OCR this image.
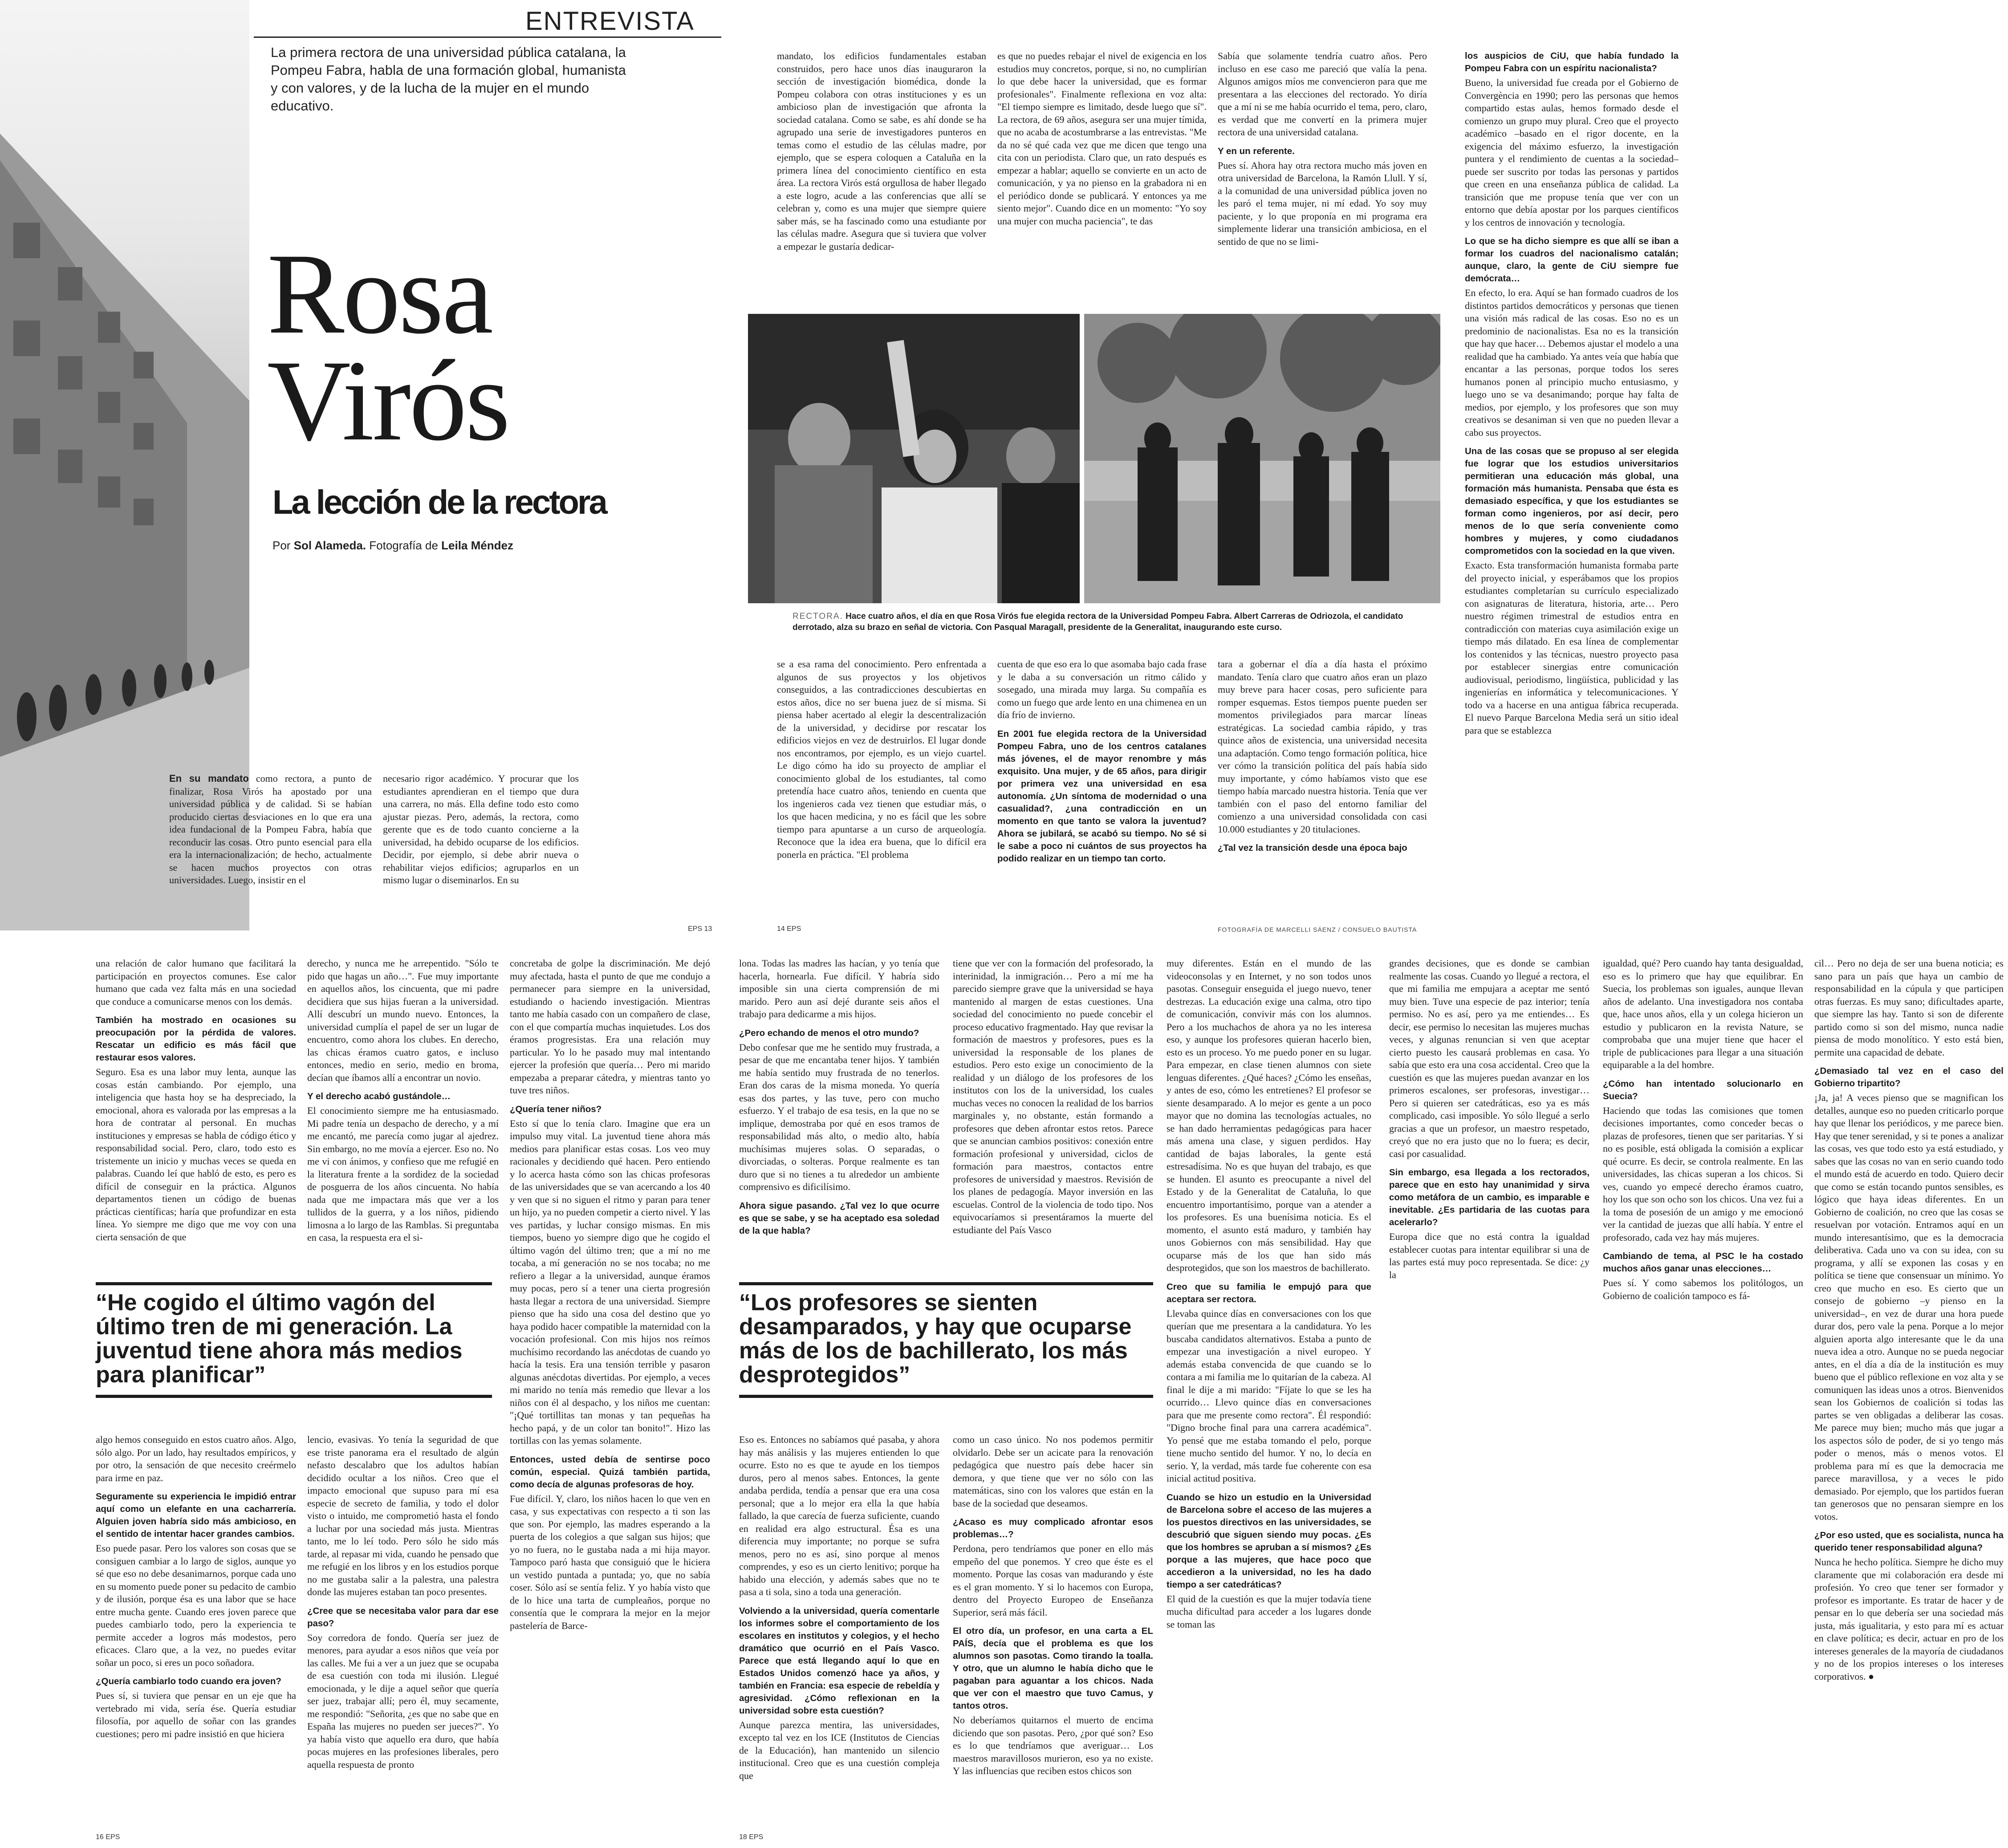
ENTREVISTA
La primera rectora de una universidad pública catalana, la Pompeu Fabra, habla de una formación global, humanista y con valores, y de la lucha de la mujer en el mundo educativo.
Rosa
Virós
La lección de la rectora
Por Sol Alameda. Fotografía de Leila Méndez

En su mandato como rectora, a punto de finalizar, Rosa Virós ha apostado por una universidad pública y de calidad. Si se habían producido ciertas desviaciones en lo que era una idea fundacional de la Pompeu Fabra, había que reconducir las cosas. Otro punto esencial para ella era la internacionalización; de hecho, actualmente se hacen muchos proyectos con otras universidades. Luego, insistir en el

necesario rigor académico. Y procurar que los estudiantes aprendieran en el tiempo que dura una carrera, no más. Ella define todo esto como ajustar piezas. Pero, además, la rectora, como gerente que es de todo cuanto concierne a la universidad, ha debido ocuparse de los edificios. Decidir, por ejemplo, si debe abrir nueva o rehabilitar viejos edificios; agruparlos en un mismo lugar o diseminarlos. En su

EPS 13

mandato, los edificios fundamentales estaban construidos, pero hace unos días inauguraron la sección de investigación biomédica, donde la Pompeu colabora con otras instituciones y es un ambicioso plan de investigación que afronta la sociedad catalana. Como se sabe, es ahí donde se ha agrupado una serie de investigadores punteros en temas como el estudio de las células madre, por ejemplo, que se espera coloquen a Cataluña en la primera línea del conocimiento científico en esta área. La rectora Virós está orgullosa de haber llegado a este logro, acude a las conferencias que allí se celebran y, como es una mujer que siempre quiere saber más, se ha fascinado como una estudiante por las células madre. Asegura que si tuviera que volver a empezar le gustaría dedicar-

es que no puedes rebajar el nivel de exigencia en los estudios muy concretos, porque, si no, no cumplirían lo que debe hacer la universidad, que es formar profesionales". Finalmente reflexiona en voz alta: "El tiempo siempre es limitado, desde luego que sí". La rectora, de 69 años, asegura ser una mujer tímida, que no acaba de acostumbrarse a las entrevistas. "Me da no sé qué cada vez que me dicen que tengo una cita con un periodista. Claro que, un rato después es empezar a hablar; aquello se convierte en un acto de comunicación, y ya no pienso en la grabadora ni en el periódico donde se publicará. Y entonces ya me siento mejor". Cuando dice en un momento: "Yo soy una mujer con mucha paciencia", te das

Sabía que solamente tendría cuatro años. Pero incluso en ese caso me pareció que valía la pena. Algunos amigos míos me convencieron para que me presentara a las elecciones del rectorado. Yo diría que a mí ni se me había ocurrido el tema, pero, claro, es verdad que me convertí en la primera mujer rectora de una universidad catalana.

Y en un referente.

Pues sí. Ahora hay otra rectora mucho más joven en otra universidad de Barcelona, la Ramón Llull. Y sí, a la comunidad de una universidad pública joven no les paró el tema mujer, ni mí edad. Yo soy muy paciente, y lo que proponía en mi programa era simplemente liderar una transición ambiciosa, en el sentido de que no se limi-

los auspicios de CiU, que había fundado la Pompeu Fabra con un espíritu nacionalista?

Bueno, la universidad fue creada por el Gobierno de Convergència en 1990; pero las personas que hemos compartido estas aulas, hemos formado desde el comienzo un grupo muy plural. Creo que el proyecto académico –basado en el rigor docente, en la exigencia del máximo esfuerzo, la investigación puntera y el rendimiento de cuentas a la sociedad– puede ser suscrito por todas las personas y partidos que creen en una enseñanza pública de calidad. La transición que me propuse tenía que ver con un entorno que debía apostar por los parques científicos y los centros de innovación y tecnología.

Lo que se ha dicho siempre es que allí se iban a formar los cuadros del nacionalismo catalán; aunque, claro, la gente de CiU siempre fue demócrata…

En efecto, lo era. Aquí se han formado cuadros de los distintos partidos democráticos y personas que tienen una visión más radical de las cosas. Eso no es un predominio de nacionalistas. Esa no es la transición que hay que hacer… Debemos ajustar el modelo a una realidad que ha cambiado. Ya antes veía que había que encantar a las personas, porque todos los seres humanos ponen al principio mucho entusiasmo, y luego uno se va desanimando; porque hay falta de medios, por ejemplo, y los profesores que son muy creativos se desaniman si ven que no pueden llevar a cabo sus proyectos.

Una de las cosas que se propuso al ser elegida fue lograr que los estudios universitarios permitieran una educación más global, una formación más humanista. Pensaba que ésta es demasiado específica, y que los estudiantes se forman como ingenieros, por así decir, pero menos de lo que sería conveniente como hombres y mujeres, y como ciudadanos comprometidos con la sociedad en la que viven.

Exacto. Esta transformación humanista formaba parte del proyecto inicial, y esperábamos que los propios estudiantes completarían su currículo especializado con asignaturas de literatura, historia, arte… Pero nuestro régimen trimestral de estudios entra en contradicción con materias cuya asimilación exige un tiempo más dilatado. En esa línea de complementar los contenidos y las técnicas, nuestro proyecto pasa por establecer sinergias entre comunicación audiovisual, periodismo, lingüística, publicidad y las ingenierías en informática y telecomunicaciones. Y todo va a hacerse en una antigua fábrica recuperada. El nuevo Parque Barcelona Media será un sitio ideal para que se establezca

RECTORA. Hace cuatro años, el día en que Rosa Virós fue elegida rectora de la Universidad Pompeu Fabra. Albert Carreras de Odriozola, el candidato derrotado, alza su brazo en señal de victoria. Con Pasqual Maragall, presidente de la Generalitat, inaugurando este curso.

se a esa rama del conocimiento. Pero enfrentada a algunos de sus proyectos y los objetivos conseguidos, a las contradicciones descubiertas en estos años, dice no ser buena juez de sí misma. Si piensa haber acertado al elegir la descentralización de la universidad, y decidirse por rescatar los edificios viejos en vez de destruirlos. El lugar donde nos encontramos, por ejemplo, es un viejo cuartel. Le digo cómo ha ido su proyecto de ampliar el conocimiento global de los estudiantes, tal como pretendía hace cuatro años, teniendo en cuenta que los ingenieros cada vez tienen que estudiar más, o los que hacen medicina, y no es fácil que les sobre tiempo para apuntarse a un curso de arqueología. Reconoce que la idea era buena, que lo difícil era ponerla en práctica. "El problema

cuenta de que eso era lo que asomaba bajo cada frase y le daba a su conversación un ritmo cálido y sosegado, una mirada muy larga. Su compañía es como un fuego que arde lento en una chimenea en un día frío de invierno.

En 2001 fue elegida rectora de la Universidad Pompeu Fabra, uno de los centros catalanes más jóvenes, el de mayor renombre y más exquisito. Una mujer, y de 65 años, para dirigir por primera vez una universidad en esa autonomía. ¿Un síntoma de modernidad o una casualidad?, ¿una contradicción en un momento en que tanto se valora la juventud? Ahora se jubilará, se acabó su tiempo. No sé si le sabe a poco ni cuántos de sus proyectos ha podido realizar en un tiempo tan corto.

tara a gobernar el día a día hasta el próximo mandato. Tenía claro que cuatro años eran un plazo muy breve para hacer cosas, pero suficiente para romper esquemas. Estos tiempos puente pueden ser momentos privilegiados para marcar líneas estratégicas. La sociedad cambia rápido, y tras quince años de existencia, una universidad necesita una adaptación. Como tengo formación política, hice ver cómo la transición política del país había sido muy importante, y cómo habíamos visto que ese tiempo había marcado nuestra historia. Tenía que ver también con el paso del entorno familiar del comienzo a una universidad consolidada con casi 10.000 estudiantes y 20 titulaciones.

¿Tal vez la transición desde una época bajo

14 EPS	FOTOGRAFÍA DE MARCELLI SÁENZ / CONSUELO BAUTISTA

una relación de calor humano que facilitará la participación en proyectos comunes. Ese calor humano que cada vez falta más en una sociedad que conduce a comunicarse menos con los demás.

También ha mostrado en ocasiones su preocupación por la pérdida de valores. Rescatar un edificio es más fácil que restaurar esos valores.

Seguro. Esa es una labor muy lenta, aunque las cosas están cambiando. Por ejemplo, una inteligencia que hasta hoy se ha despreciado, la emocional, ahora es valorada por las empresas a la hora de contratar al personal. En muchas instituciones y empresas se habla de código ético y responsabilidad social. Pero, claro, todo esto es tristemente un inicio y muchas veces se queda en palabras. Cuando leí que habló de esto, es pero es difícil de conseguir en la práctica. Algunos departamentos tienen un código de buenas prácticas científicas; haría que profundizar en esta línea. Yo siempre me digo que me voy con una cierta sensación de que

derecho, y nunca me he arrepentido. "Sólo te pido que hagas un año…". Fue muy importante en aquellos años, los cincuenta, que mi padre decidiera que sus hijas fueran a la universidad. Allí descubrí un mundo nuevo. Entonces, la universidad cumplía el papel de ser un lugar de encuentro, como ahora los clubes. En derecho, las chicas éramos cuatro gatos, e incluso entonces, medio en serio, medio en broma, decían que íbamos allí a encontrar un novio.

Y el derecho acabó gustándole…

El conocimiento siempre me ha entusiasmado. Mi padre tenía un despacho de derecho, y a mí me encantó, me parecía como jugar al ajedrez. Sin embargo, no me movía a ejercer. Eso no. No me vi con ánimos, y confieso que me refugié en la literatura frente a la sordidez de la sociedad de posguerra de los años cincuenta. No había nada que me impactara más que ver a los tullidos de la guerra, y a los niños, pidiendo limosna a lo largo de las Ramblas. Si preguntaba en casa, la respuesta era el si-

concretaba de golpe la discriminación. Me dejó muy afectada, hasta el punto de que me condujo a permanecer para siempre en la universidad, estudiando o haciendo investigación. Mientras tanto me había casado con un compañero de clase, con el que compartía muchas inquietudes. Los dos éramos progresistas. Era una relación muy particular. Yo lo he pasado muy mal intentando ejercer la profesión que quería… Pero mi marido empezaba a preparar cátedra, y mientras tanto yo tuve tres niños.

¿Quería tener niños?

Esto sí que lo tenía claro. Imagine que era un impulso muy vital. La juventud tiene ahora más medios para planificar estas cosas. Los veo muy racionales y decidiendo qué hacen. Pero entiendo y lo acerca hasta cómo son las chicas profesoras de las universidades que se van acercando a los 40 y ven que si no siguen el ritmo y paran para tener un hijo, ya no pueden competir a cierto nivel. Y las ves partidas, y luchar consigo mismas. En mis tiempos, bueno yo siempre digo que he cogido el último vagón del último tren; que a mí no me tocaba, a mí generación no se nos tocaba; no me refiero a llegar a la universidad, aunque éramos muy pocas, pero sí a tener una cierta progresión hasta llegar a rectora de una universidad. Siempre pienso que ha sido una cosa del destino que yo haya podido hacer compatible la maternidad con la vocación profesional. Con mis hijos nos reímos muchísimo recordando las anécdotas de cuando yo hacía la tesis. Era una tensión terrible y pasaron algunas anécdotas divertidas. Por ejemplo, a veces mi marido no tenía más remedio que llevar a los niños con él al despacho, y los niños me cuentan: "¡Qué tortillitas tan monas y tan pequeñas ha hecho papá, y de un color tan bonito!". Hizo las tortillas con las yemas solamente.

Entonces, usted debía de sentirse poco común, especial. Quizá también partida, como decía de algunas profesoras de hoy.

Fue difícil. Y, claro, los niños hacen lo que ven en casa, y sus expectativas con respecto a ti son las que son. Por ejemplo, las madres esperando a la puerta de los colegios a que salgan sus hijos; que yo no fuera, no le gustaba nada a mi hija mayor. Tampoco paró hasta que consiguió que le hiciera un vestido puntada a puntada; yo, que no sabía coser. Sólo así se sentía feliz. Y yo había visto que de lo hice una tarta de cumpleaños, porque no consentía que le comprara la mejor en la mejor pastelería de Barce-

“He cogido el último vagón del último tren de mi generación. La juventud tiene ahora más medios para planificar”

algo hemos conseguido en estos cuatro años. Algo, sólo algo. Por un lado, hay resultados empíricos, y por otro, la sensación de que necesito creérmelo para irme en paz.

Seguramente su experiencia le impidió entrar aquí como un elefante en una cacharrería. Alguien joven habría sido más ambicioso, en el sentido de intentar hacer grandes cambios.

Eso puede pasar. Pero los valores son cosas que se consiguen cambiar a lo largo de siglos, aunque yo sé que eso no debe desanimarnos, porque cada uno en su momento puede poner su pedacito de cambio y de ilusión, porque ésa es una labor que se hace entre mucha gente. Cuando eres joven parece que puedes cambiarlo todo, pero la experiencia te permite acceder a logros más modestos, pero eficaces. Claro que, a la vez, no puedes evitar soñar un poco, si eres un poco soñadora.

¿Quería cambiarlo todo cuando era joven?

Pues sí, si tuviera que pensar en un eje que ha vertebrado mi vida, sería ése. Quería estudiar filosofía, por aquello de soñar con las grandes cuestiones; pero mi padre insistió en que hiciera

lencio, evasivas. Yo tenía la seguridad de que ese triste panorama era el resultado de algún nefasto descalabro que los adultos habían decidido ocultar a los niños. Creo que el impacto emocional que supuso para mí esa especie de secreto de familia, y todo el dolor visto o intuido, me comprometió hasta el fondo a luchar por una sociedad más justa. Mientras tanto, me lo leí todo. Pero sólo he sido más tarde, al repasar mi vida, cuando he pensado que me refugié en los libros y en los estudios porque no me gustaba salir a la palestra, una palestra donde las mujeres estaban tan poco presentes.

¿Cree que se necesitaba valor para dar ese paso?

Soy corredora de fondo. Quería ser juez de menores, para ayudar a esos niños que veía por las calles. Me fui a ver a un juez que se ocupaba de esa cuestión con toda mi ilusión. Llegué emocionada, y le dije a aquel señor que quería ser juez, trabajar allí; pero él, muy secamente, me respondió: "Señorita, ¿es que no sabe que en España las mujeres no pueden ser jueces?". Yo ya había visto que aquello era duro, que había pocas mujeres en las profesiones liberales, pero aquella respuesta de pronto

16 EPS

lona. Todas las madres las hacían, y yo tenía que hacerla, hornearla. Fue difícil. Y habría sido imposible sin una cierta comprensión de mi marido. Pero aun así dejé durante seis años el trabajo para dedicarme a mis hijos.

¿Pero echando de menos el otro mundo?

Debo confesar que me he sentido muy frustrada, a pesar de que me encantaba tener hijos. Y también me había sentido muy frustrada de no tenerlos. Eran dos caras de la misma moneda. Yo quería esas dos partes, y las tuve, pero con mucho esfuerzo. Y el trabajo de esa tesis, en la que no se implique, demostraba por qué en esos tramos de responsabilidad más alto, o medio alto, había muchísimas mujeres solas. O separadas, o divorciadas, o solteras. Porque realmente es tan duro que si no tienes a tu alrededor un ambiente comprensivo es dificilísimo.

Ahora sigue pasando. ¿Tal vez lo que ocurre es que se sabe, y se ha aceptado esa soledad de la que habla?

tiene que ver con la formación del profesorado, la interinidad, la inmigración… Pero a mí me ha parecido siempre grave que la universidad se haya mantenido al margen de estas cuestiones. Una sociedad del conocimiento no puede concebir el proceso educativo fragmentado. Hay que revisar la formación de maestros y profesores, pues es la universidad la responsable de los planes de estudios. Pero esto exige un conocimiento de la realidad y un diálogo de los profesores de los institutos con los de la universidad, los cuales muchas veces no conocen la realidad de los barrios marginales y, no obstante, están formando a profesores que deben afrontar estos retos. Parece que se anuncian cambios positivos: conexión entre formación profesional y universidad, ciclos de formación para maestros, contactos entre profesores de universidad y maestros. Revisión de los planes de pedagogía. Mayor inversión en las escuelas. Control de la violencia de todo tipo. Nos equivocaríamos si presentáramos la muerte del estudiante del País Vasco

muy diferentes. Están en el mundo de las videoconsolas y en Internet, y no son todos unos pasotas. Conseguir enseguida el juego nuevo, tener destrezas. La educación exige una calma, otro tipo de comunicación, convivir más con los alumnos. Pero a los muchachos de ahora ya no les interesa eso, y aunque los profesores quieran hacerlo bien, esto es un proceso. Yo me puedo poner en su lugar. Para empezar, en clase tienen alumnos con siete lenguas diferentes. ¿Qué haces? ¿Cómo les enseñas, y antes de eso, cómo les entretienes? El profesor se siente desamparado. A lo mejor es gente a un poco mayor que no domina las tecnologías actuales, no se han dado herramientas pedagógicas para hacer más amena una clase, y siguen perdidos. Hay cantidad de bajas laborales, la gente está estresadísima. No es que huyan del trabajo, es que se hunden. El asunto es preocupante a nivel del Estado y de la Generalitat de Cataluña, lo que encuentro importantísimo, porque van a atender a los profesores. Es una buenísima noticia. Es el momento, el asunto está maduro, y también hay unos Gobiernos con más sensibilidad. Hay que ocuparse más de los que han sido más desprotegidos, que son los maestros de bachillerato.

Creo que su familia le empujó para que aceptara ser rectora.

Llevaba quince días en conversaciones con los que querían que me presentara a la candidatura. Yo les buscaba candidatos alternativos. Estaba a punto de empezar una investigación a nivel europeo. Y además estaba convencida de que cuando se lo contara a mi familia me lo quitarían de la cabeza. Al final le dije a mi marido: "Fíjate lo que se les ha ocurrido… Llevo quince días en conversaciones para que me presente como rectora". Él respondió: "Digno broche final para una carrera académica". Yo pensé que me estaba tomando el pelo, porque tiene mucho sentido del humor. Y no, lo decía en serio. Y, la verdad, más tarde fue coherente con esa inicial actitud positiva.

Cuando se hizo un estudio en la Universidad de Barcelona sobre el acceso de las mujeres a los puestos directivos en las universidades, se descubrió que siguen siendo muy pocas. ¿Es que los hombres se apruban a sí mismos? ¿Es porque a las mujeres, que hace poco que accedieron a la universidad, no les ha dado tiempo a ser catedráticas?

El quid de la cuestión es que la mujer todavía tiene mucha dificultad para acceder a los lugares donde se toman las

“Los profesores se sienten desamparados, y hay que ocuparse más de los de bachillerato, los más desprotegidos”

Eso es. Entonces no sabíamos qué pasaba, y ahora hay más análisis y las mujeres entienden lo que ocurre. Esto no es que te ayude en los tiempos duros, pero al menos sabes. Entonces, la gente andaba perdida, tendía a pensar que era una cosa personal; que a lo mejor era ella la que había fallado, la que carecía de fuerza suficiente, cuando en realidad era algo estructural. Ésa es una diferencia muy importante; no porque se sufra menos, pero no es así, sino porque al menos comprendes, y eso es un cierto lenitivo; porque ha habido una elección, y además sabes que no te pasa a ti sola, sino a toda una generación.

Volviendo a la universidad, quería comentarle los informes sobre el comportamiento de los escolares en institutos y colegios, y el hecho dramático que ocurrió en el País Vasco. Parece que está llegando aquí lo que en Estados Unidos comenzó hace ya años, y también en Francia: esa especie de rebeldía y agresividad. ¿Cómo reflexionan en la universidad sobre esta cuestión?

Aunque parezca mentira, las universidades, excepto tal vez en los ICE (Institutos de Ciencias de la Educación), han mantenido un silencio institucional. Creo que es una cuestión compleja que

como un caso único. No nos podemos permitir olvidarlo. Debe ser un acicate para la renovación pedagógica que nuestro país debe hacer sin demora, y que tiene que ver no sólo con las matemáticas, sino con los valores que están en la base de la sociedad que deseamos.

¿Acaso es muy complicado afrontar esos problemas…?

Perdona, pero tendríamos que poner en ello más empeño del que ponemos. Y creo que éste es el momento. Porque las cosas van madurando y éste es el gran momento. Y si lo hacemos con Europa, dentro del Proyecto Europeo de Enseñanza Superior, será más fácil.

El otro día, un profesor, en una carta a EL PAÍS, decía que el problema es que los alumnos son pasotas. Como tirando la toalla. Y otro, que un alumno le había dicho que le pagaban para aguantar a los chicos. Nada que ver con el maestro que tuvo Camus, y tantos otros.

No deberíamos quitarnos el muerto de encima diciendo que son pasotas. Pero, ¿por qué son? Eso es lo que tendríamos que averiguar… Los maestros maravillosos murieron, eso ya no existe. Y las influencias que reciben estos chicos son

18 EPS

grandes decisiones, que es donde se cambian realmente las cosas. Cuando yo llegué a rectora, el que mi familia me empujara a aceptar me sentó muy bien. Tuve una especie de paz interior; tenía permiso. No es así, pero ya me entiendes… Es decir, ese permiso lo necesitan las mujeres muchas veces, y algunas renuncian si ven que aceptar cierto puesto les causará problemas en casa. Yo sabía que esto era una cosa accidental. Creo que la cuestión es que las mujeres puedan avanzar en los primeros escalones, ser profesoras, investigar… Pero si quieren ser catedráticas, eso ya es más complicado, casi imposible. Yo sólo llegué a serlo gracias a que un profesor, un maestro respetado, creyó que no era justo que no lo fuera; es decir, casi por casualidad.

Sin embargo, esa llegada a los rectorados, parece que en esto hay unanimidad y sirva como metáfora de un cambio, es imparable e inevitable. ¿Es partidaria de las cuotas para acelerarlo?

Europa dice que no está contra la igualdad establecer cuotas para intentar equilibrar si una de las partes está muy poco representada. Se dice: ¿y la

igualdad, qué? Pero cuando hay tanta desigualdad, eso es lo primero que hay que equilibrar. En Suecia, los problemas son iguales, aunque llevan años de adelanto. Una investigadora nos contaba que, hace unos años, ella y un colega hicieron un estudio y publicaron en la revista Nature, se comprobaba que una mujer tiene que hacer el triple de publicaciones para llegar a una situación equiparable a la del hombre.

¿Cómo han intentado solucionarlo en Suecia?

Haciendo que todas las comisiones que tomen decisiones importantes, como conceder becas o plazas de profesores, tienen que ser paritarias. Y si no es posible, está obligada la comisión a explicar qué ocurre. Es decir, se controla realmente. En las universidades, las chicas superan a los chicos. Si ves, cuando yo empecé derecho éramos cuatro, hoy los que son ocho son los chicos. Una vez fui a la toma de posesión de un amigo y me emocionó ver la cantidad de juezas que allí había. Y entre el profesorado, cada vez hay más mujeres.

Cambiando de tema, al PSC le ha costado muchos años ganar unas elecciones…

Pues sí. Y como sabemos los politólogos, un Gobierno de coalición tampoco es fá-

cil… Pero no deja de ser una buena noticia; es sano para un país que haya un cambio de responsabilidad en la cúpula y que participen otras fuerzas. Es muy sano; dificultades aparte, que siempre las hay. Tanto si son de diferente partido como si son del mismo, nunca nadie piensa de modo monolítico. Y esto está bien, permite una capacidad de debate.

¿Demasiado tal vez en el caso del Gobierno tripartito?

¡Ja, ja! A veces pienso que se magnifican los detalles, aunque eso no pueden criticarlo porque hay que llenar los periódicos, y me parece bien. Hay que tener serenidad, y si te pones a analizar las cosas, ves que todo esto ya está estudiado, y sabes que las cosas no van en serio cuando todo el mundo está de acuerdo en todo. Quiero decir que como se están tocando puntos sensibles, es lógico que haya ideas diferentes. En un Gobierno de coalición, no creo que las cosas se resuelvan por votación. Entramos aquí en un mundo interesantísimo, que es la democracia deliberativa. Cada uno va con su idea, con su programa, y allí se exponen las cosas y en política se tiene que consensuar un mínimo. Yo creo que mucho en eso. Es cierto que un consejo de gobierno –y pienso en la universidad–, en vez de durar una hora puede durar dos, pero vale la pena. Porque a lo mejor alguien aporta algo interesante que le da una nueva idea a otro. Aunque no se pueda negociar antes, en el día a día de la institución es muy bueno que el público reflexione en voz alta y se comuniquen las ideas unos a otros. Bienvenidos sean los Gobiernos de coalición si todas las partes se ven obligadas a deliberar las cosas. Me parece muy bien; mucho más que jugar a los aspectos sólo de poder, de si yo tengo más poder o menos, más o menos votos. El problema para mí es que la democracia me parece maravillosa, y a veces le pido demasiado. Por ejemplo, que los partidos fueran tan generosos que no pensaran siempre en los votos.

¿Por eso usted, que es socialista, nunca ha querido tener responsabilidad alguna?

Nunca he hecho política. Siempre he dicho muy claramente que mi colaboración era desde mi profesión. Yo creo que tener ser formador y profesor es importante. Es tratar de hacer y de pensar en lo que debería ser una sociedad más justa, más igualitaria, y esto para mí es actuar en clave política; es decir, actuar en pro de los intereses generales de la mayoría de ciudadanos y no de los propios intereses o los intereses corporativos. ●
